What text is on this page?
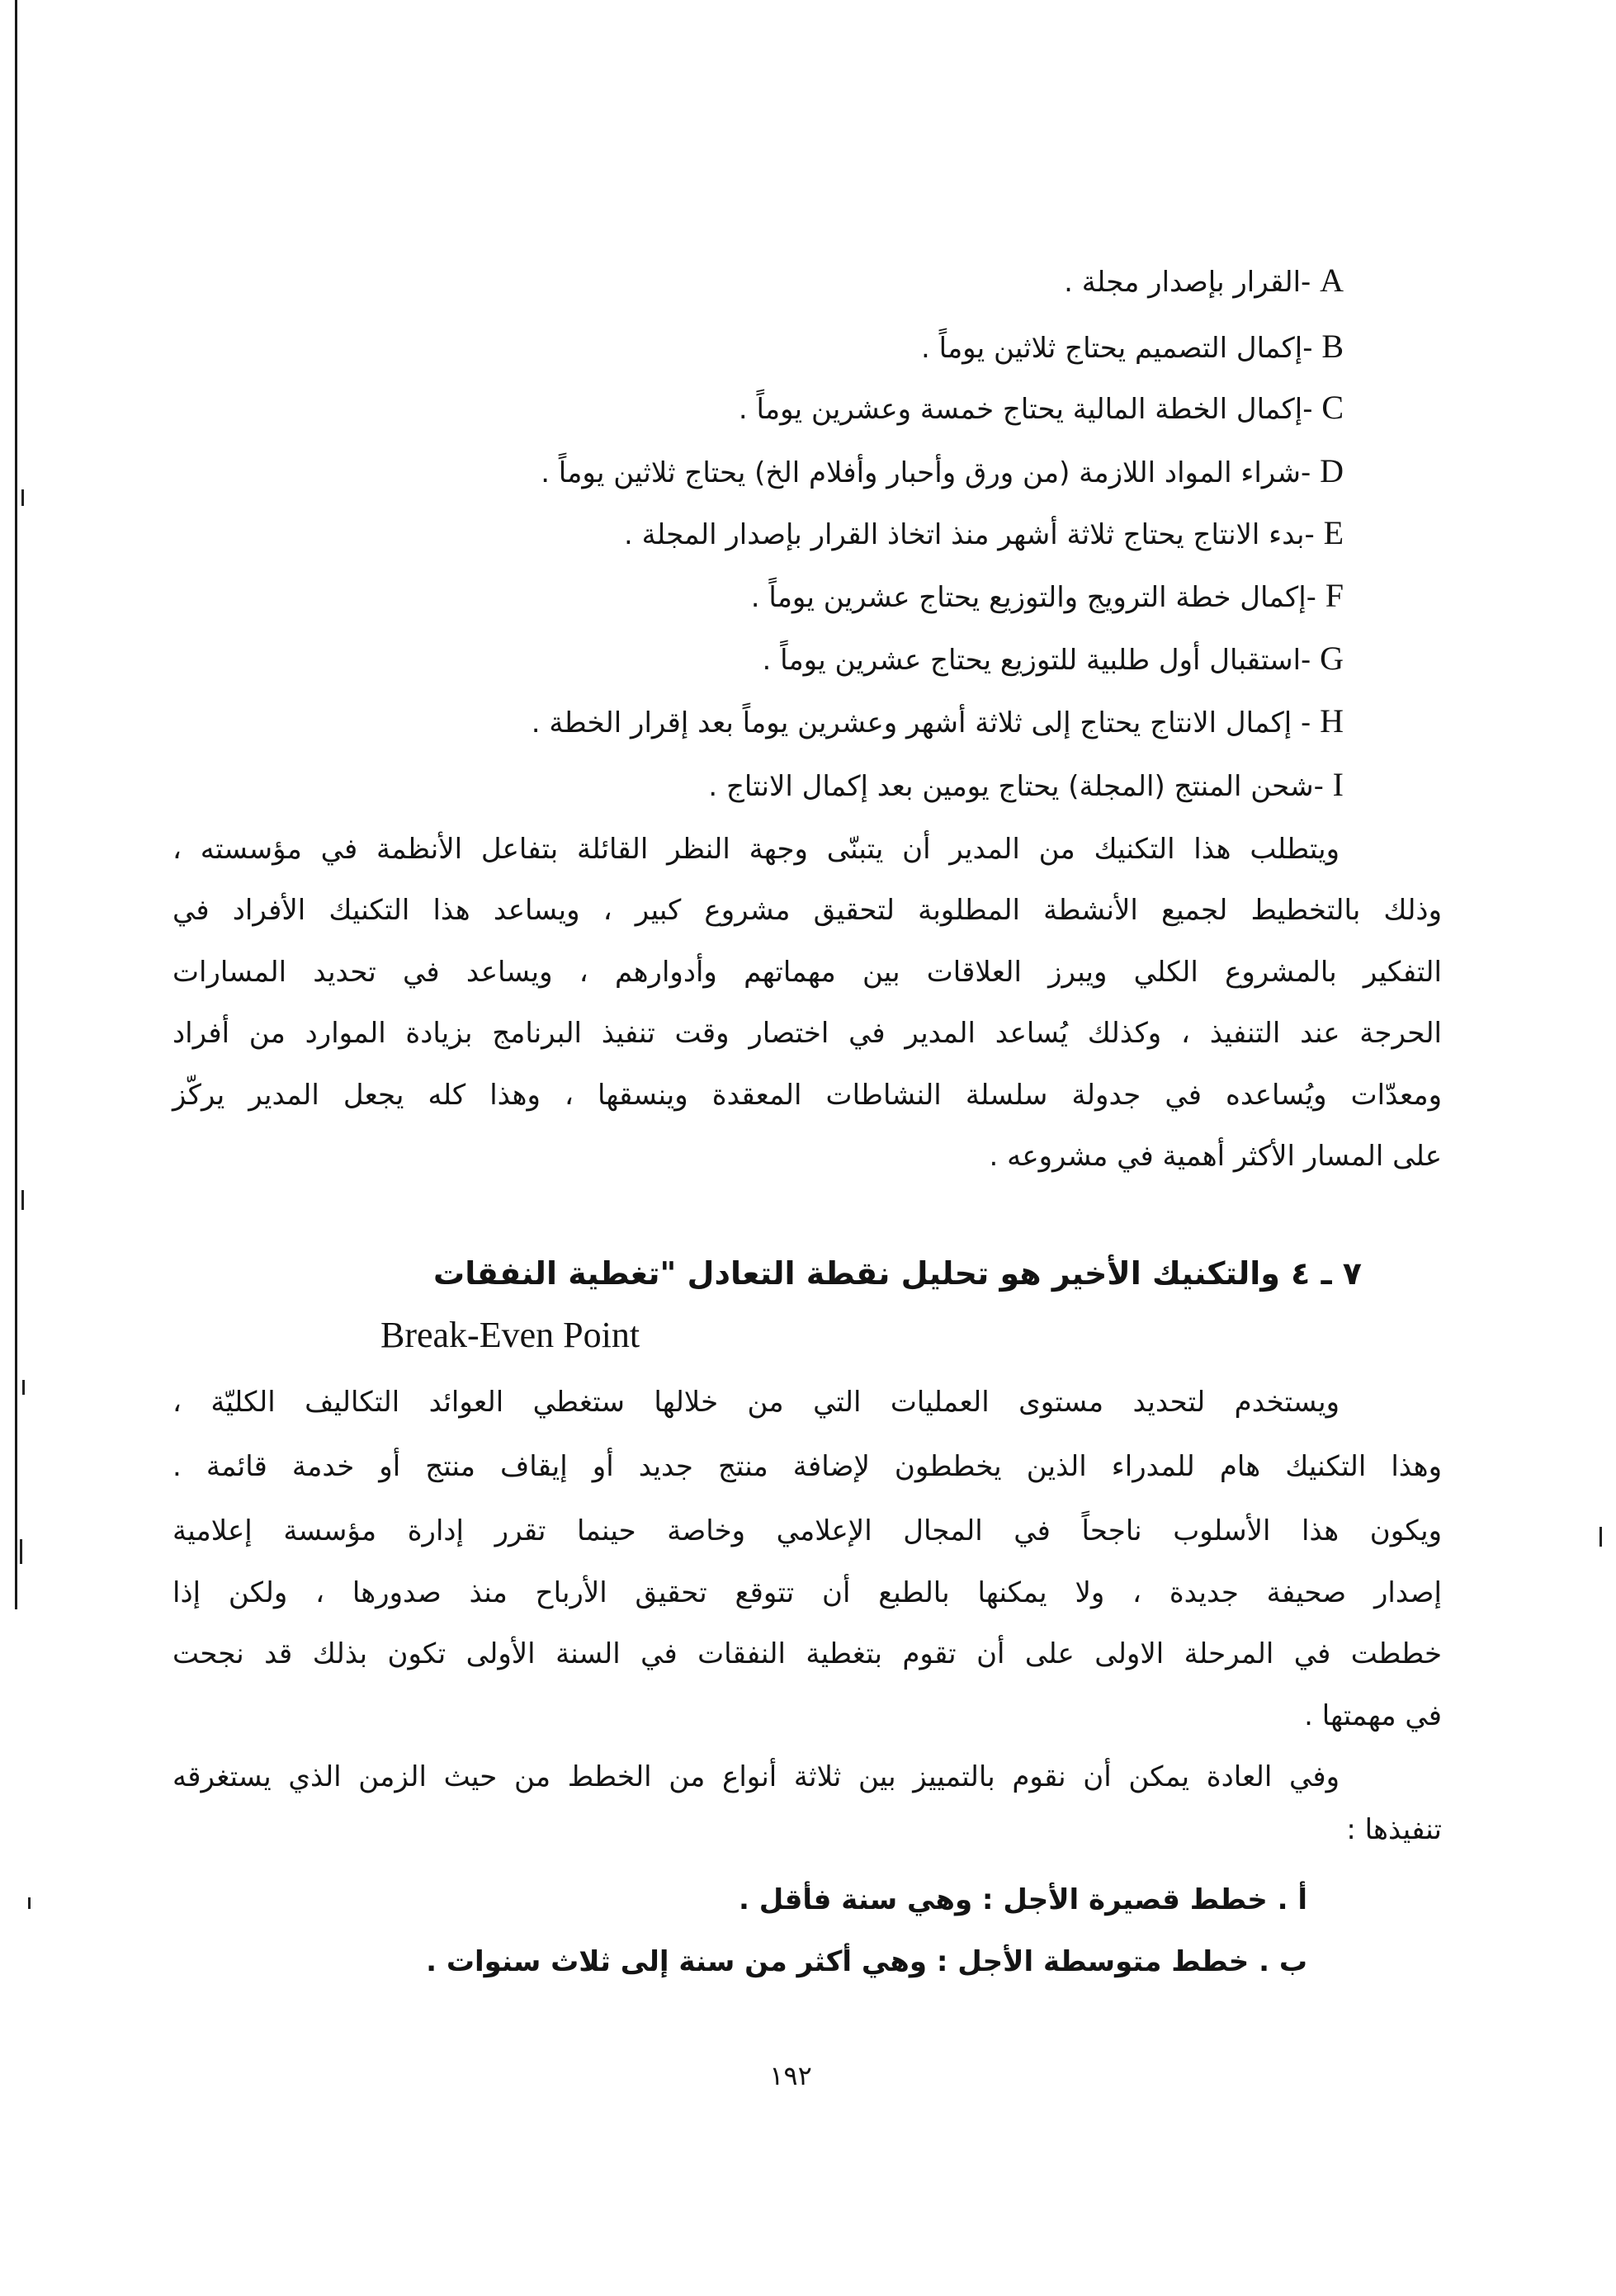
A -القرار بإصدار مجلة .
B -إكمال التصميم يحتاج ثلاثين يوماً .
C -إكمال الخطة المالية يحتاج خمسة وعشرين يوماً .
D -شراء المواد اللازمة (من ورق وأحبار وأفلام الخ) يحتاج ثلاثين يوماً .
E -بدء الانتاج يحتاج ثلاثة أشهر منذ اتخاذ القرار بإصدار المجلة .
F -إكمال خطة الترويج والتوزيع يحتاج عشرين يوماً .
G -استقبال أول طلبية للتوزيع يحتاج عشرين يوماً .
H - إكمال الانتاج يحتاج إلى ثلاثة أشهر وعشرين يوماً بعد إقرار الخطة .
I -شحن المنتج (المجلة) يحتاج يومين بعد إكمال الانتاج .
ويتطلب هذا التكنيك من المدير أن يتبنّى وجهة النظر القائلة بتفاعل الأنظمة في مؤسسته ،
وذلك بالتخطيط لجميع الأنشطة المطلوبة لتحقيق مشروع كبير ، ويساعد هذا التكنيك الأفراد في
التفكير بالمشروع الكلي ويبرز العلاقات بين مهماتهم وأدوارهم ، ويساعد في تحديد المسارات
الحرجة عند التنفيذ ، وكذلك يُساعد المدير في اختصار وقت تنفيذ البرنامج بزيادة الموارد من أفراد
ومعدّات ويُساعده في جدولة سلسلة النشاطات المعقدة وينسقها ، وهذا كله يجعل المدير يركّز
على المسار الأكثر أهمية في مشروعه .
٧ ـ ٤ والتكنيك الأخير هو تحليل نقطة التعادل "تغطية النفقات
Break-Even Point
ويستخدم لتحديد مستوى العمليات التي من خلالها ستغطي العوائد التكاليف الكليّة ،
وهذا التكنيك هام للمدراء الذين يخططون لإضافة منتج جديد أو إيقاف منتج أو خدمة قائمة .
ويكون هذا الأسلوب ناجحاً في المجال الإعلامي وخاصة حينما تقرر إدارة مؤسسة إعلامية
إصدار صحيفة جديدة ، ولا يمكنها بالطبع أن تتوقع تحقيق الأرباح منذ صدورها ، ولكن إذا
خططت في المرحلة الاولى على أن تقوم بتغطية النفقات في السنة الأولى تكون بذلك قد نجحت
في مهمتها .
وفي العادة يمكن أن نقوم بالتمييز بين ثلاثة أنواع من الخطط من حيث الزمن الذي يستغرقه
تنفيذها :
أ . خطط قصيرة الأجل : وهي سنة فأقل .
ب . خطط متوسطة الأجل : وهي أكثر من سنة إلى ثلاث سنوات .
١٩٢
